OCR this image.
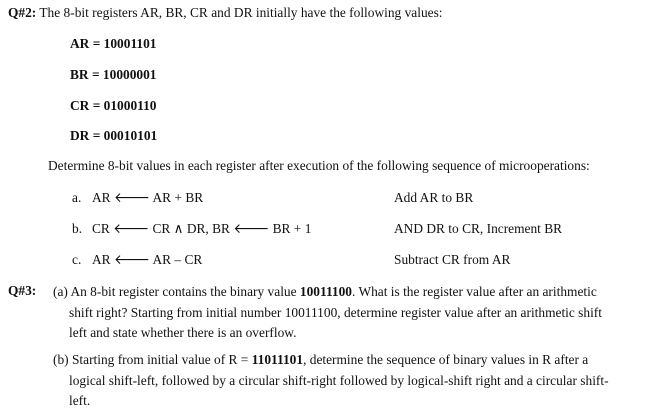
Q#2: The 8-bit registers AR, BR, CR and DR initially have the following values:
AR = 10001101
BR = 10000001
CR = 01000110
DR = 00010101
Determine 8-bit values in each register after execution of the following sequence of microoperations:
a. AR 🡐 AR + BR	Add AR to BR
b. CR 🡐 CR ∧ DR, BR 🡐 BR + 1	AND DR to CR, Increment BR
c. AR 🡐 AR – CR	Subtract CR from AR
Q#3: (a) An 8-bit register contains the binary value 10011100. What is the register value after an arithmetic
shift right? Starting from initial number 10011100, determine register value after an arithmetic shift
left and state whether there is an overflow.
(b) Starting from initial value of R = 11011101, determine the sequence of binary values in R after a
logical shift-left, followed by a circular shift-right followed by logical-shift right and a circular shift-
left.
